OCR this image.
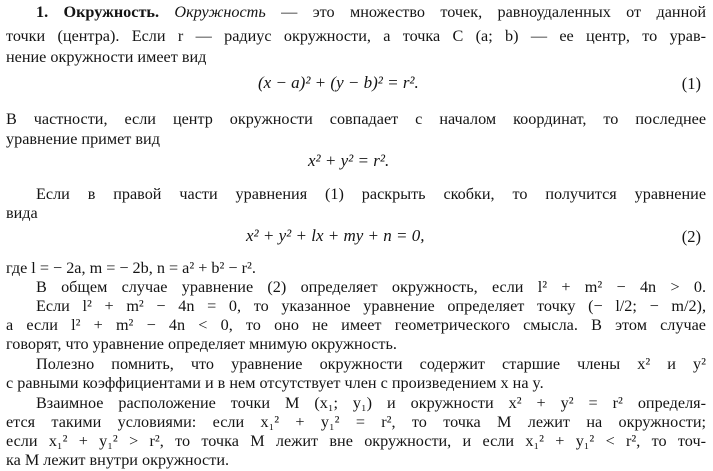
1. Окружность. Окружность — это множество точек, равноудаленных от данной
точки (центра). Если r — радиус окружности, а точка C (a; b) — ее центр, то урав-
нение окружности имеет вид
(x − a)² + (y − b)² = r².	(1)
В частности, если центр окружности совпадает с началом координат, то последнее
уравнение примет вид
x² + y² = r².
Если в правой части уравнения (1) раскрыть скобки, то получится уравнение
вида
x² + y² + lx + my + n = 0,	(2)
где l = − 2a, m = − 2b, n = a² + b² − r².
В общем случае уравнение (2) определяет окружность, если l² + m² − 4n > 0.
Если l² + m² − 4n = 0, то указанное уравнение определяет точку (− l/2; − m/2),
а если l² + m² − 4n < 0, то оно не имеет геометрического смысла. В этом случае
говорят, что уравнение определяет мнимую окружность.
Полезно помнить, что уравнение окружности содержит старшие члены x² и y²
с равными коэффициентами и в нем отсутствует член с произведением x на y.
Взаимное расположение точки M (x₁; y₁) и окружности x² + y² = r² определя-
ется такими условиями: если x₁² + y₁² = r², то точка M лежит на окружности;
если x₁² + y₁² > r², то точка M лежит вне окружности, и если x₁² + y₁² < r², то точ-
ка M лежит внутри окружности.
